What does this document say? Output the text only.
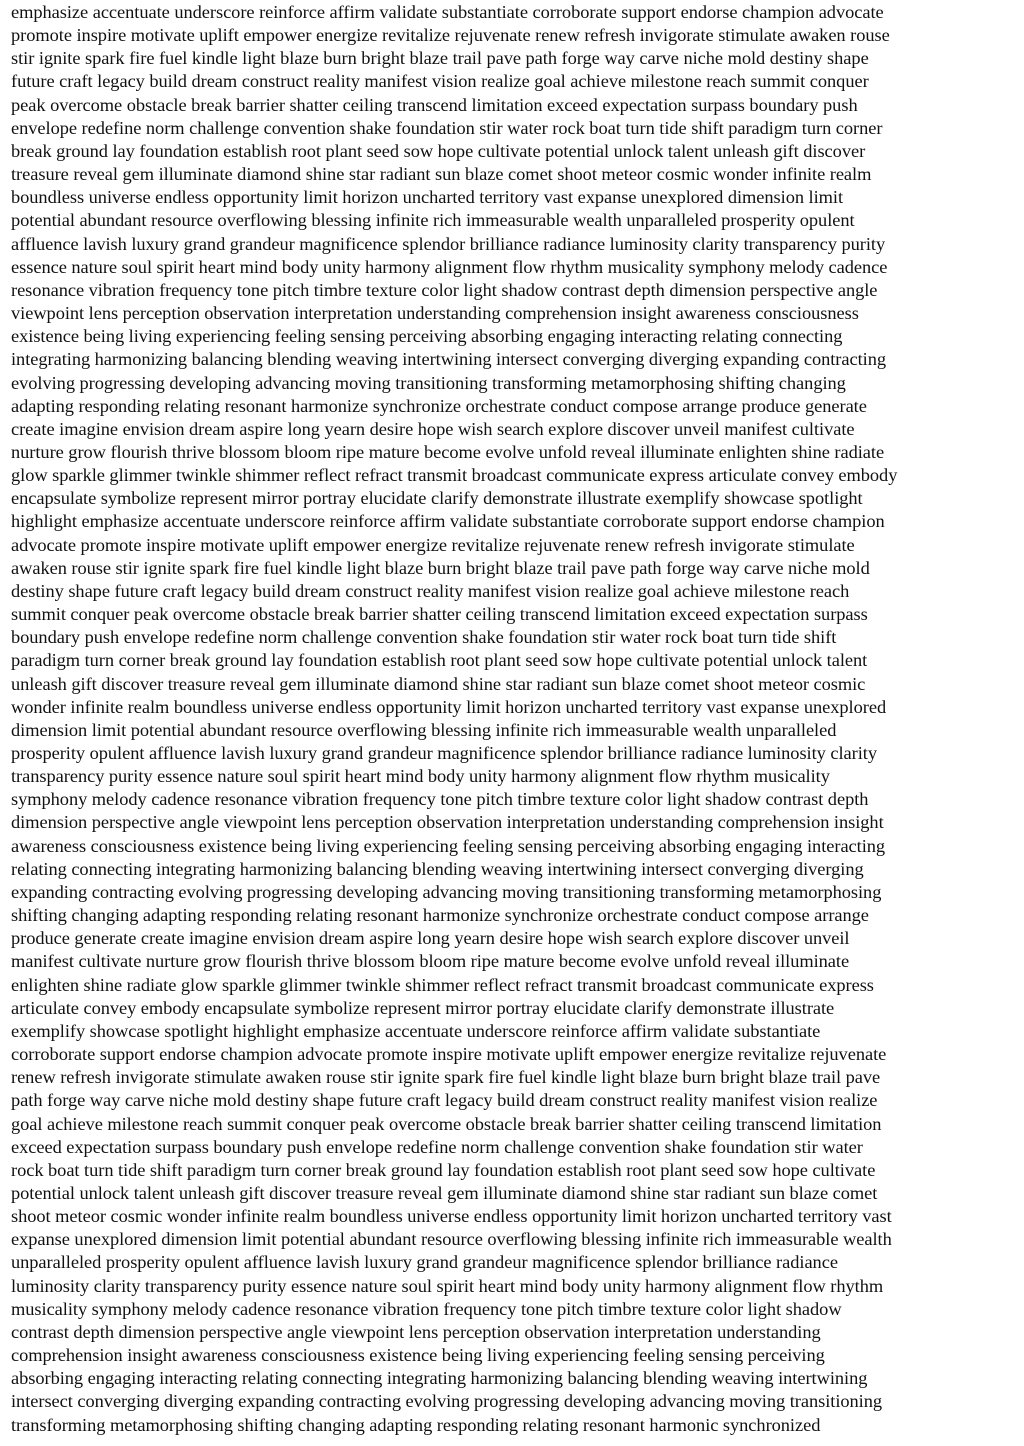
emphasize accentuate underscore reinforce affirm validate substantiate corroborate support endorse champion advocate
promote inspire motivate uplift empower energize revitalize rejuvenate renew refresh invigorate stimulate awaken rouse
stir ignite spark fire fuel kindle light blaze burn bright blaze trail pave path forge way carve niche mold destiny shape
future craft legacy build dream construct reality manifest vision realize goal achieve milestone reach summit conquer
peak overcome obstacle break barrier shatter ceiling transcend limitation exceed expectation surpass boundary push
envelope redefine norm challenge convention shake foundation stir water rock boat turn tide shift paradigm turn corner
break ground lay foundation establish root plant seed sow hope cultivate potential unlock talent unleash gift discover
treasure reveal gem illuminate diamond shine star radiant sun blaze comet shoot meteor cosmic wonder infinite realm
boundless universe endless opportunity limit horizon uncharted territory vast expanse unexplored dimension limit
potential abundant resource overflowing blessing infinite rich immeasurable wealth unparalleled prosperity opulent
affluence lavish luxury grand grandeur magnificence splendor brilliance radiance luminosity clarity transparency purity
essence nature soul spirit heart mind body unity harmony alignment flow rhythm musicality symphony melody cadence
resonance vibration frequency tone pitch timbre texture color light shadow contrast depth dimension perspective angle
viewpoint lens perception observation interpretation understanding comprehension insight awareness consciousness
existence being living experiencing feeling sensing perceiving absorbing engaging interacting relating connecting
integrating harmonizing balancing blending weaving intertwining intersect converging diverging expanding contracting
evolving progressing developing advancing moving transitioning transforming metamorphosing shifting changing
adapting responding relating resonant harmonize synchronize orchestrate conduct compose arrange produce generate
create imagine envision dream aspire long yearn desire hope wish search explore discover unveil manifest cultivate
nurture grow flourish thrive blossom bloom ripe mature become evolve unfold reveal illuminate enlighten shine radiate
glow sparkle glimmer twinkle shimmer reflect refract transmit broadcast communicate express articulate convey embody
encapsulate symbolize represent mirror portray elucidate clarify demonstrate illustrate exemplify showcase spotlight
highlight emphasize accentuate underscore reinforce affirm validate substantiate corroborate support endorse champion
advocate promote inspire motivate uplift empower energize revitalize rejuvenate renew refresh invigorate stimulate
awaken rouse stir ignite spark fire fuel kindle light blaze burn bright blaze trail pave path forge way carve niche mold
destiny shape future craft legacy build dream construct reality manifest vision realize goal achieve milestone reach
summit conquer peak overcome obstacle break barrier shatter ceiling transcend limitation exceed expectation surpass
boundary push envelope redefine norm challenge convention shake foundation stir water rock boat turn tide shift
paradigm turn corner break ground lay foundation establish root plant seed sow hope cultivate potential unlock talent
unleash gift discover treasure reveal gem illuminate diamond shine star radiant sun blaze comet shoot meteor cosmic
wonder infinite realm boundless universe endless opportunity limit horizon uncharted territory vast expanse unexplored
dimension limit potential abundant resource overflowing blessing infinite rich immeasurable wealth unparalleled
prosperity opulent affluence lavish luxury grand grandeur magnificence splendor brilliance radiance luminosity clarity
transparency purity essence nature soul spirit heart mind body unity harmony alignment flow rhythm musicality
symphony melody cadence resonance vibration frequency tone pitch timbre texture color light shadow contrast depth
dimension perspective angle viewpoint lens perception observation interpretation understanding comprehension insight
awareness consciousness existence being living experiencing feeling sensing perceiving absorbing engaging interacting
relating connecting integrating harmonizing balancing blending weaving intertwining intersect converging diverging
expanding contracting evolving progressing developing advancing moving transitioning transforming metamorphosing
shifting changing adapting responding relating resonant harmonize synchronize orchestrate conduct compose arrange
produce generate create imagine envision dream aspire long yearn desire hope wish search explore discover unveil
manifest cultivate nurture grow flourish thrive blossom bloom ripe mature become evolve unfold reveal illuminate
enlighten shine radiate glow sparkle glimmer twinkle shimmer reflect refract transmit broadcast communicate express
articulate convey embody encapsulate symbolize represent mirror portray elucidate clarify demonstrate illustrate
exemplify showcase spotlight highlight emphasize accentuate underscore reinforce affirm validate substantiate
corroborate support endorse champion advocate promote inspire motivate uplift empower energize revitalize rejuvenate
renew refresh invigorate stimulate awaken rouse stir ignite spark fire fuel kindle light blaze burn bright blaze trail pave
path forge way carve niche mold destiny shape future craft legacy build dream construct reality manifest vision realize
goal achieve milestone reach summit conquer peak overcome obstacle break barrier shatter ceiling transcend limitation
exceed expectation surpass boundary push envelope redefine norm challenge convention shake foundation stir water
rock boat turn tide shift paradigm turn corner break ground lay foundation establish root plant seed sow hope cultivate
potential unlock talent unleash gift discover treasure reveal gem illuminate diamond shine star radiant sun blaze comet
shoot meteor cosmic wonder infinite realm boundless universe endless opportunity limit horizon uncharted territory vast
expanse unexplored dimension limit potential abundant resource overflowing blessing infinite rich immeasurable wealth
unparalleled prosperity opulent affluence lavish luxury grand grandeur magnificence splendor brilliance radiance
luminosity clarity transparency purity essence nature soul spirit heart mind body unity harmony alignment flow rhythm
musicality symphony melody cadence resonance vibration frequency tone pitch timbre texture color light shadow
contrast depth dimension perspective angle viewpoint lens perception observation interpretation understanding
comprehension insight awareness consciousness existence being living experiencing feeling sensing perceiving
absorbing engaging interacting relating connecting integrating harmonizing balancing blending weaving intertwining
intersect converging diverging expanding contracting evolving progressing developing advancing moving transitioning
transforming metamorphosing shifting changing adapting responding relating resonant harmonic synchronized
